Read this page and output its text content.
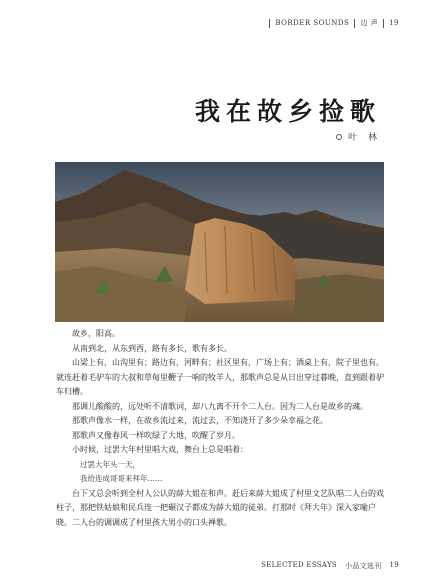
BORDER SOUNDS 边 声 19
我在故乡捡歌
叶 林

故乡，阳高。

从南到北，从东到西，路有多长，歌有多长。

山梁上有，山沟里有；路边有，河畔有；社区里有，广场上有；酒桌上有，院子里也有。就连赶着毛驴车的大叔和草甸里鞭子一响的牧羊人，那歌声总是从日出穿过暮晚，直到跟着驴车归槽。

那调儿酸酸的，远处听不清歌词，却八九离不开个二人台。因为二人台是故乡的魂。

那歌声像水一样，在故乡流过来，流过去，不知浇开了多少朵幸福之花。

那歌声又像春风一样吹绿了大地，吹醒了岁月。

小时候，过罢大年村里唱大戏，舞台上总是唱着：

过罢大年头一天，

我给连成哥哥来拜年……

台下又总会听到全村人公认的薛大姐在和声。赶后来薛大姐成了村里文艺队唱二人台的戏柱子，那把铁姑娘和民兵连一把碾汉子都成为薛大姐的徒弟。打那时《拜大年》深入家喻户晓。二人台的调调成了村里孩大男小的口头禅歌。

SELECTED ESSAYS 小品文选刊 19
